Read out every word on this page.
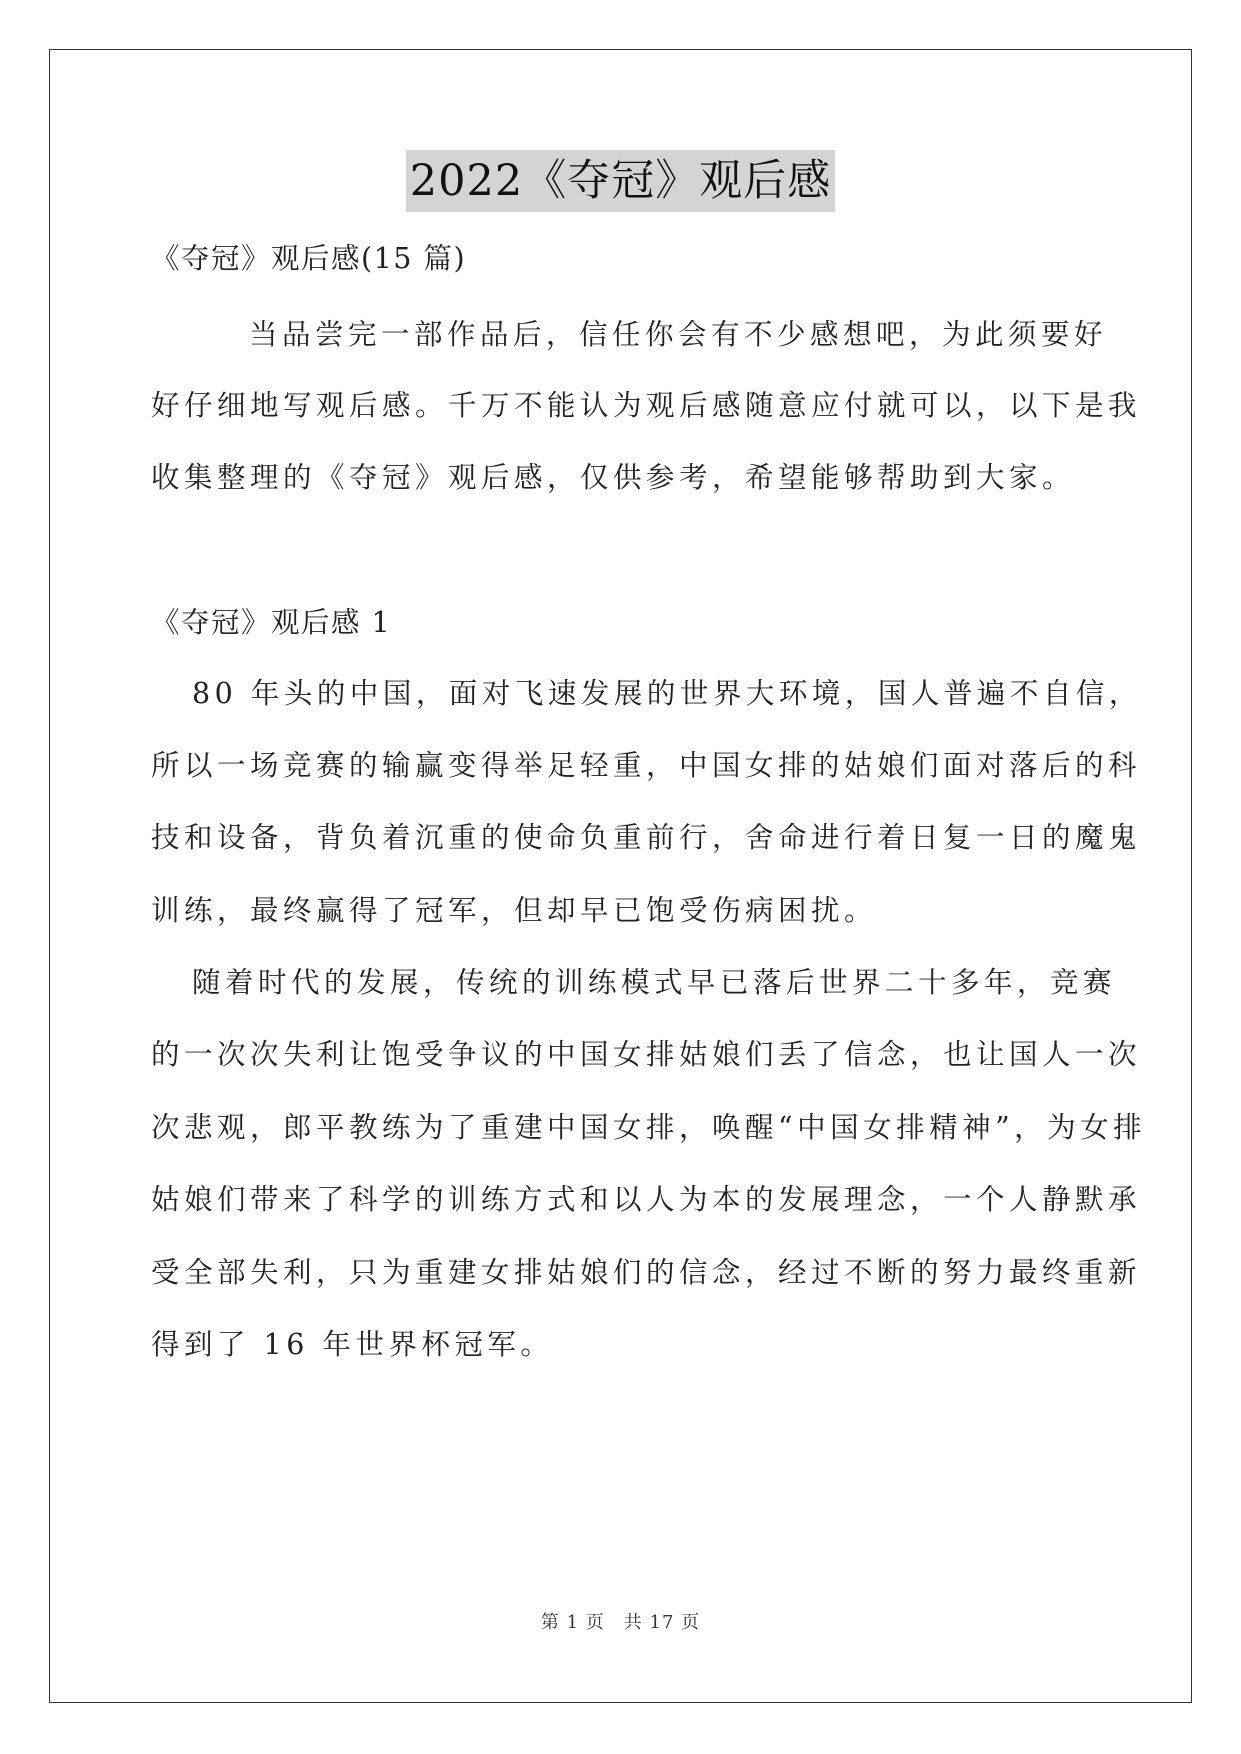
2022《夺冠》观后感
《夺冠》观后感(15 篇)
当品尝完一部作品后，信任你会有不少感想吧，为此须要好
好仔细地写观后感。千万不能认为观后感随意应付就可以，以下是我
收集整理的《夺冠》观后感，仅供参考，希望能够帮助到大家。
《夺冠》观后感 1
80 年头的中国，面对飞速发展的世界大环境，国人普遍不自信，
所以一场竞赛的输赢变得举足轻重，中国女排的姑娘们面对落后的科
技和设备，背负着沉重的使命负重前行，舍命进行着日复一日的魔鬼
训练，最终赢得了冠军，但却早已饱受伤病困扰。
随着时代的发展，传统的训练模式早已落后世界二十多年，竞赛
的一次次失利让饱受争议的中国女排姑娘们丢了信念，也让国人一次
次悲观，郎平教练为了重建中国女排，唤醒“中国女排精神”，为女排
姑娘们带来了科学的训练方式和以人为本的发展理念，一个人静默承
受全部失利，只为重建女排姑娘们的信念，经过不断的努力最终重新
得到了 16 年世界杯冠军。
第 1 页　共 17 页
